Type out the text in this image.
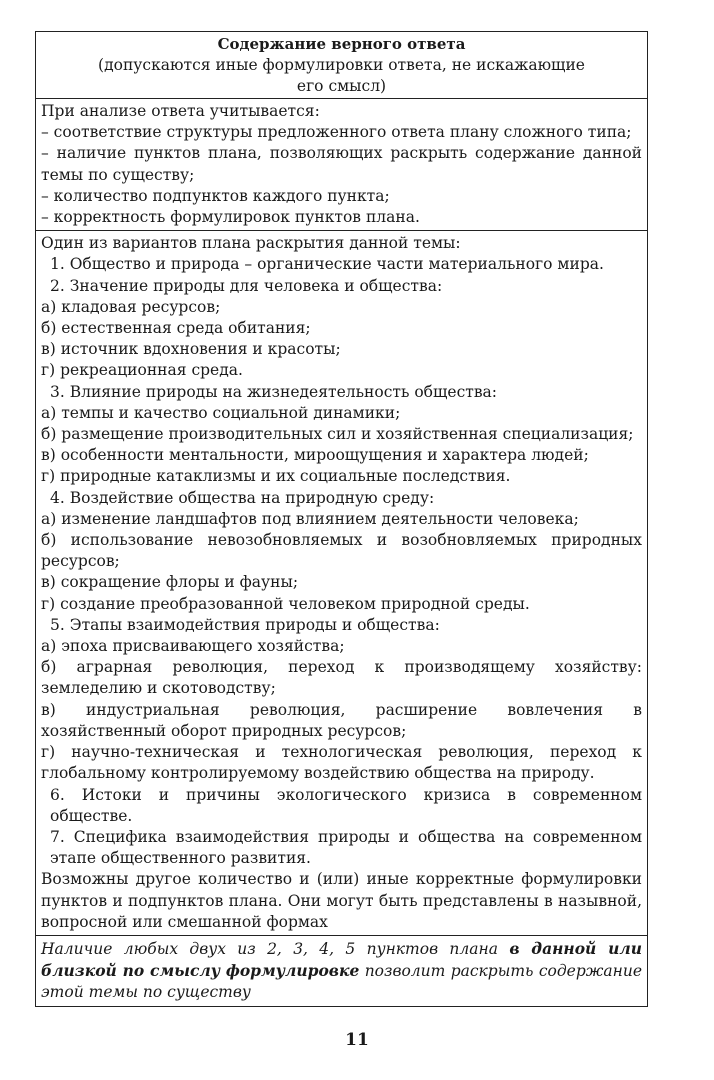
Содержание верного ответа
(допускаются иные формулировки ответа, не искажающие
его смысл)
При анализе ответа учитывается:
– соответствие структуры предложенного ответа плану сложного типа;
– наличие пунктов плана, позволяющих раскрыть содержание данной темы по существу;
– количество подпунктов каждого пункта;
– корректность формулировок пунктов плана.
Один из вариантов плана раскрытия данной темы:
1. Общество и природа – органические части материального мира.
2. Значение природы для человека и общества:
а) кладовая ресурсов;
б) естественная среда обитания;
в) источник вдохновения и красоты;
г) рекреационная среда.
3. Влияние природы на жизнедеятельность общества:
а) темпы и качество социальной динамики;
б) размещение производительных сил и хозяйственная специализация;
в) особенности ментальности, мироощущения и характера людей;
г) природные катаклизмы и их социальные последствия.
4. Воздействие общества на природную среду:
а) изменение ландшафтов под влиянием деятельности человека;
б) использование невозобновляемых и возобновляемых природных ресурсов;
в) сокращение флоры и фауны;
г) создание преобразованной человеком природной среды.
5. Этапы взаимодействия природы и общества:
а) эпоха присваивающего хозяйства;
б) аграрная революция, переход к производящему хозяйству: земледелию и скотоводству;
в) индустриальная революция, расширение вовлечения в хозяйственный оборот природных ресурсов;
г) научно-техническая и технологическая революция, переход к глобальному контролируемому воздействию общества на природу.
6. Истоки и причины экологического кризиса в современном обществе.
7. Специфика взаимодействия природы и общества на современном этапе общественного развития.
Возможны другое количество и (или) иные корректные формулировки пунктов и подпунктов плана. Они могут быть представлены в назывной, вопросной или смешанной формах
Наличие любых двух из 2, 3, 4, 5 пунктов плана в данной или близкой по смыслу формулировке позволит раскрыть содержание этой темы по существу
11
